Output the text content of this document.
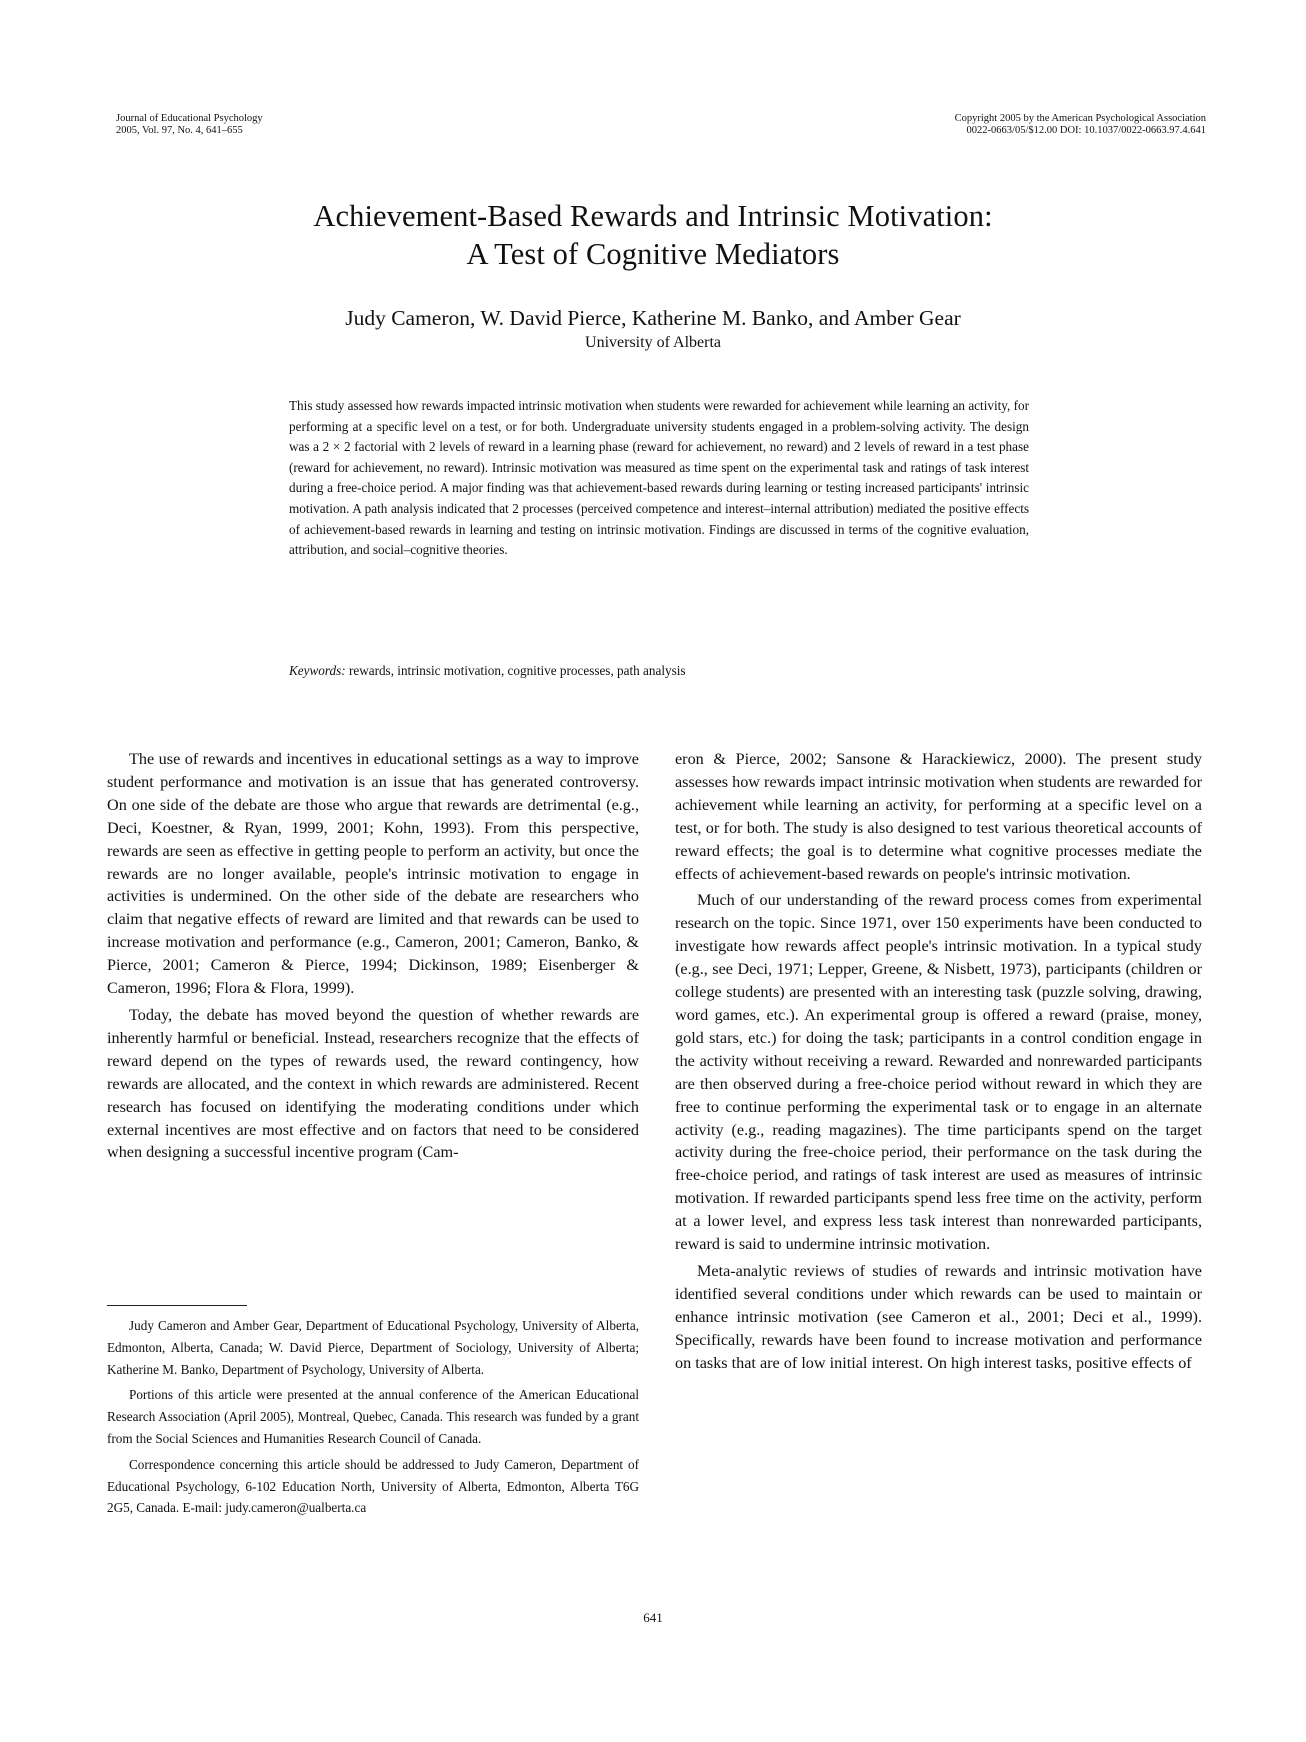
Journal of Educational Psychology
2005, Vol. 97, No. 4, 641–655
Copyright 2005 by the American Psychological Association
0022-0663/05/$12.00 DOI: 10.1037/0022-0663.97.4.641
Achievement-Based Rewards and Intrinsic Motivation:
A Test of Cognitive Mediators
Judy Cameron, W. David Pierce, Katherine M. Banko, and Amber Gear
University of Alberta

This study assessed how rewards impacted intrinsic motivation when students were rewarded for achievement while learning an activity, for performing at a specific level on a test, or for both. Undergraduate university students engaged in a problem-solving activity. The design was a 2 × 2 factorial with 2 levels of reward in a learning phase (reward for achievement, no reward) and 2 levels of reward in a test phase (reward for achievement, no reward). Intrinsic motivation was measured as time spent on the experimental task and ratings of task interest during a free-choice period. A major finding was that achievement-based rewards during learning or testing increased participants' intrinsic motivation. A path analysis indicated that 2 processes (perceived competence and interest–internal attribution) mediated the positive effects of achievement-based rewards in learning and testing on intrinsic motivation. Findings are discussed in terms of the cognitive evaluation, attribution, and social–cognitive theories.

Keywords: rewards, intrinsic motivation, cognitive processes, path analysis

The use of rewards and incentives in educational settings as a way to improve student performance and motivation is an issue that has generated controversy. On one side of the debate are those who argue that rewards are detrimental (e.g., Deci, Koestner, & Ryan, 1999, 2001; Kohn, 1993). From this perspective, rewards are seen as effective in getting people to perform an activity, but once the rewards are no longer available, people's intrinsic motivation to engage in activities is undermined. On the other side of the debate are researchers who claim that negative effects of reward are limited and that rewards can be used to increase motivation and performance (e.g., Cameron, 2001; Cameron, Banko, & Pierce, 2001; Cameron & Pierce, 1994; Dickinson, 1989; Eisenberger & Cameron, 1996; Flora & Flora, 1999).

Today, the debate has moved beyond the question of whether rewards are inherently harmful or beneficial. Instead, researchers recognize that the effects of reward depend on the types of rewards used, the reward contingency, how rewards are allocated, and the context in which rewards are administered. Recent research has focused on identifying the moderating conditions under which external incentives are most effective and on factors that need to be considered when designing a successful incentive program (Cam-

Judy Cameron and Amber Gear, Department of Educational Psychology, University of Alberta, Edmonton, Alberta, Canada; W. David Pierce, Department of Sociology, University of Alberta; Katherine M. Banko, Department of Psychology, University of Alberta.

Portions of this article were presented at the annual conference of the American Educational Research Association (April 2005), Montreal, Quebec, Canada. This research was funded by a grant from the Social Sciences and Humanities Research Council of Canada.

Correspondence concerning this article should be addressed to Judy Cameron, Department of Educational Psychology, 6-102 Education North, University of Alberta, Edmonton, Alberta T6G 2G5, Canada. E-mail: judy.cameron@ualberta.ca

eron & Pierce, 2002; Sansone & Harackiewicz, 2000). The present study assesses how rewards impact intrinsic motivation when students are rewarded for achievement while learning an activity, for performing at a specific level on a test, or for both. The study is also designed to test various theoretical accounts of reward effects; the goal is to determine what cognitive processes mediate the effects of achievement-based rewards on people's intrinsic motivation.

Much of our understanding of the reward process comes from experimental research on the topic. Since 1971, over 150 experiments have been conducted to investigate how rewards affect people's intrinsic motivation. In a typical study (e.g., see Deci, 1971; Lepper, Greene, & Nisbett, 1973), participants (children or college students) are presented with an interesting task (puzzle solving, drawing, word games, etc.). An experimental group is offered a reward (praise, money, gold stars, etc.) for doing the task; participants in a control condition engage in the activity without receiving a reward. Rewarded and nonrewarded participants are then observed during a free-choice period without reward in which they are free to continue performing the experimental task or to engage in an alternate activity (e.g., reading magazines). The time participants spend on the target activity during the free-choice period, their performance on the task during the free-choice period, and ratings of task interest are used as measures of intrinsic motivation. If rewarded participants spend less free time on the activity, perform at a lower level, and express less task interest than nonrewarded participants, reward is said to undermine intrinsic motivation.

Meta-analytic reviews of studies of rewards and intrinsic motivation have identified several conditions under which rewards can be used to maintain or enhance intrinsic motivation (see Cameron et al., 2001; Deci et al., 1999). Specifically, rewards have been found to increase motivation and performance on tasks that are of low initial interest. On high interest tasks, positive effects of

641
